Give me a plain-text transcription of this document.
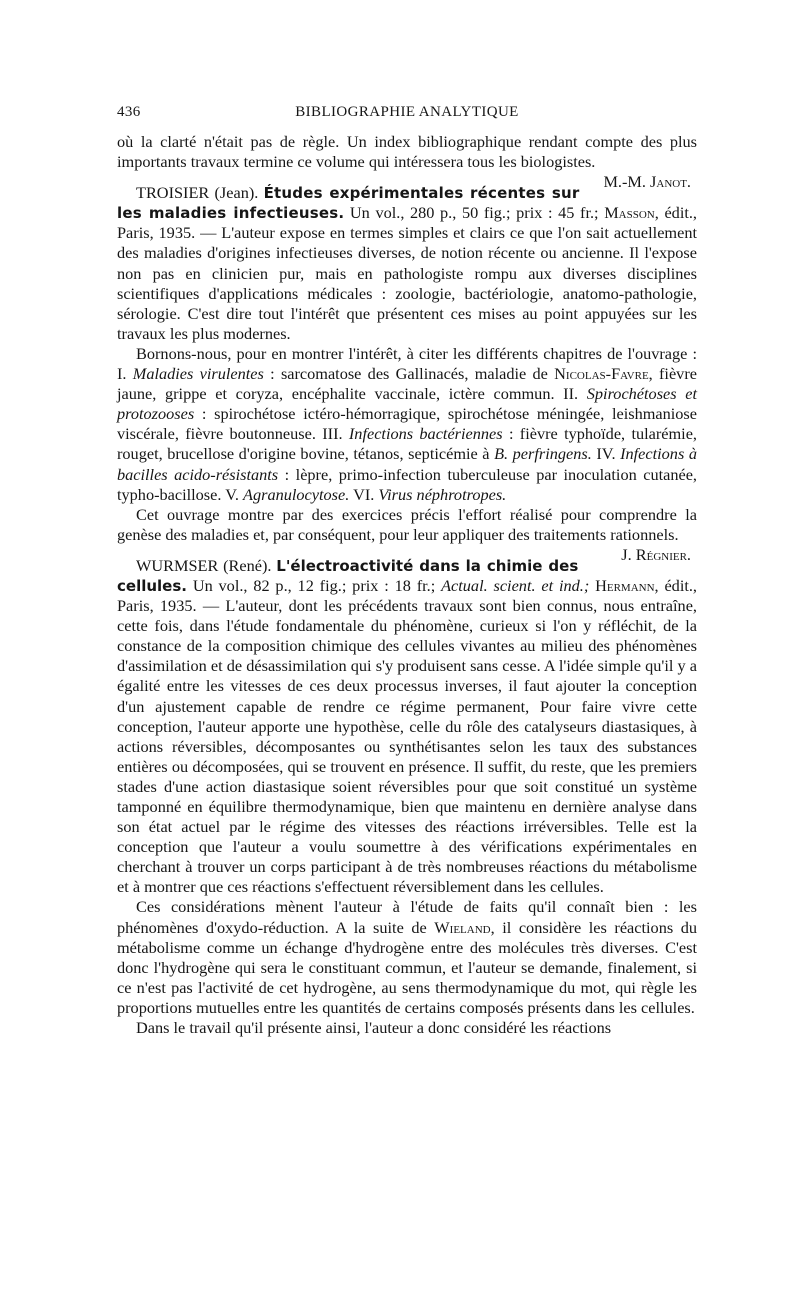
436	BIBLIOGRAPHIE ANALYTIQUE

où la clarté n'était pas de règle. Un index bibliographique rendant compte des plus importants travaux termine ce volume qui intéressera tous les biologistes.
M.-M. Janot.

TROISIER (Jean). Études expérimentales récentes sur les maladies infectieuses. Un vol., 280 p., 50 fig.; prix : 45 fr.; Masson, édit., Paris, 1935. — L'auteur expose en termes simples et clairs ce que l'on sait actuellement des maladies d'origines infectieuses diverses, de notion récente ou ancienne. Il l'expose non pas en clinicien pur, mais en pathologiste rompu aux diverses disciplines scientifiques d'applications médicales : zoologie, bactériologie, anatomo-pathologie, sérologie. C'est dire tout l'intérêt que présentent ces mises au point appuyées sur les travaux les plus modernes.

Bornons-nous, pour en montrer l'intérêt, à citer les différents chapitres de l'ouvrage : I. Maladies virulentes : sarcomatose des Gallinacés, maladie de Nicolas-Favre, fièvre jaune, grippe et coryza, encéphalite vaccinale, ictère commun. II. Spirochétoses et protozooses : spirochétose ictéro-hémorragique, spirochétose méningée, leishmaniose viscérale, fièvre boutonneuse. III. Infections bactériennes : fièvre typhoïde, tularémie, rouget, brucellose d'origine bovine, tétanos, septicémie à B. perfringens. IV. Infections à bacilles acido-résistants : lèpre, primo-infection tuberculeuse par inoculation cutanée, typho-bacillose. V. Agranulocytose. VI. Virus néphrotropes.

Cet ouvrage montre par des exercices précis l'effort réalisé pour comprendre la genèse des maladies et, par conséquent, pour leur appliquer des traitements rationnels.
J. Régnier.

WURMSER (René). L'électroactivité dans la chimie des cellules. Un vol., 82 p., 12 fig.; prix : 18 fr.; Actual. scient. et ind.; Hermann, édit., Paris, 1935. — L'auteur, dont les précédents travaux sont bien connus, nous entraîne, cette fois, dans l'étude fondamentale du phénomène, curieux si l'on y réfléchit, de la constance de la composition chimique des cellules vivantes au milieu des phénomènes d'assimilation et de désassimilation qui s'y produisent sans cesse. A l'idée simple qu'il y a égalité entre les vitesses de ces deux processus inverses, il faut ajouter la conception d'un ajustement capable de rendre ce régime permanent, Pour faire vivre cette conception, l'auteur apporte une hypothèse, celle du rôle des catalyseurs diastasiques, à actions réversibles, décomposantes ou synthétisantes selon les taux des substances entières ou décomposées, qui se trouvent en présence. Il suffit, du reste, que les premiers stades d'une action diastasique soient réversibles pour que soit constitué un système tamponné en équilibre thermodynamique, bien que maintenu en dernière analyse dans son état actuel par le régime des vitesses des réactions irréversibles. Telle est la conception que l'auteur a voulu soumettre à des vérifications expérimentales en cherchant à trouver un corps participant à de très nombreuses réactions du métabolisme et à montrer que ces réactions s'effectuent réversiblement dans les cellules.

Ces considérations mènent l'auteur à l'étude de faits qu'il connaît bien : les phénomènes d'oxydo-réduction. A la suite de Wieland, il considère les réactions du métabolisme comme un échange d'hydrogène entre des molécules très diverses. C'est donc l'hydrogène qui sera le constituant commun, et l'auteur se demande, finalement, si ce n'est pas l'activité de cet hydrogène, au sens thermodynamique du mot, qui règle les proportions mutuelles entre les quantités de certains composés présents dans les cellules.

Dans le travail qu'il présente ainsi, l'auteur a donc considéré les réactions
